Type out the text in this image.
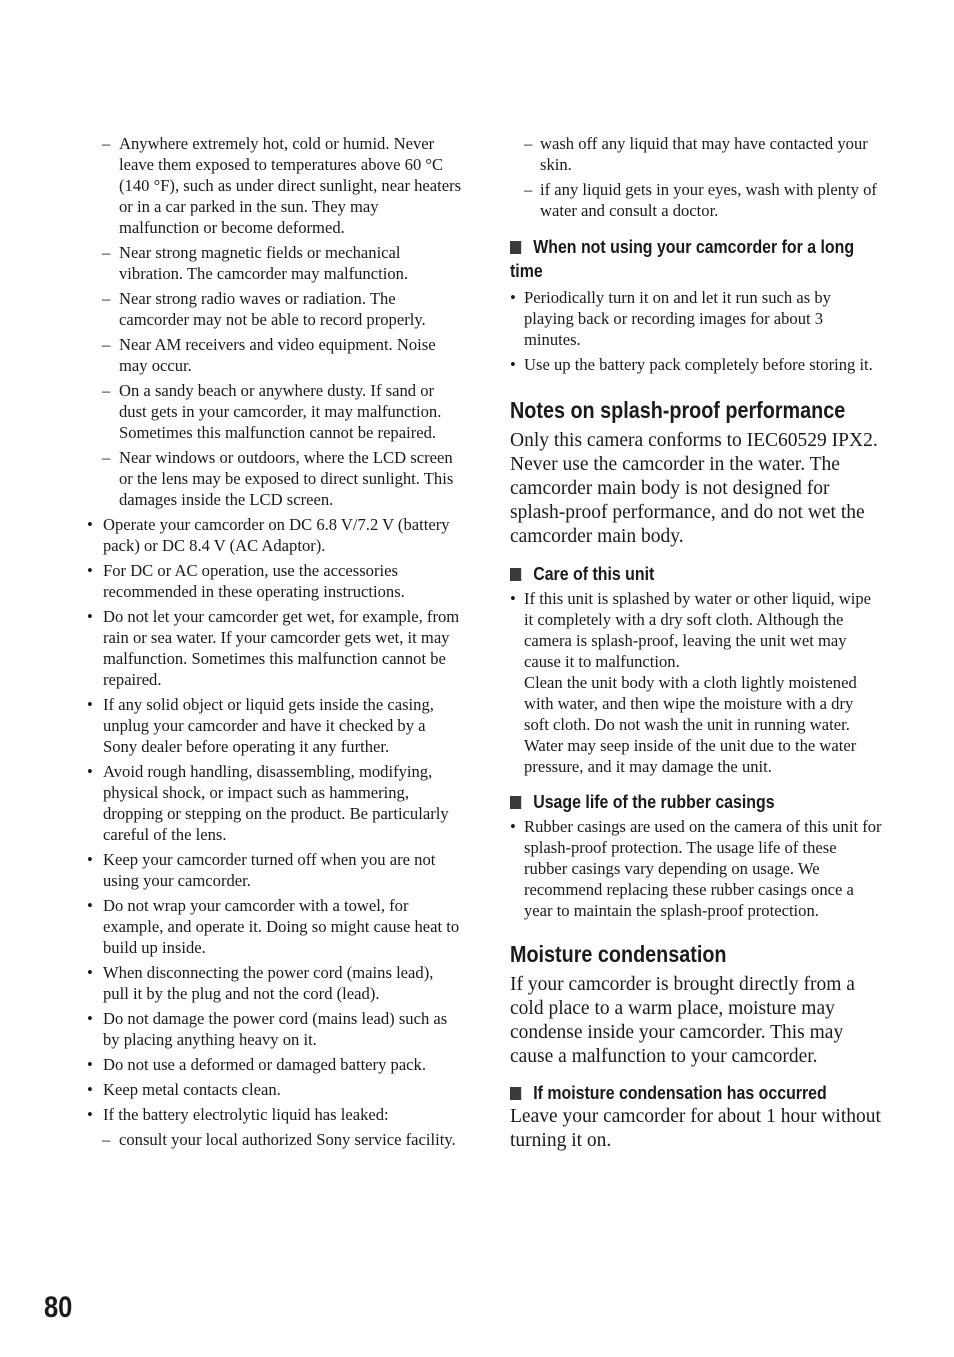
– Anywhere extremely hot, cold or humid. Never leave them exposed to temperatures above 60 °C (140 °F), such as under direct sunlight, near heaters or in a car parked in the sun. They may malfunction or become deformed.
– Near strong magnetic fields or mechanical vibration. The camcorder may malfunction.
– Near strong radio waves or radiation. The camcorder may not be able to record properly.
– Near AM receivers and video equipment. Noise may occur.
– On a sandy beach or anywhere dusty. If sand or dust gets in your camcorder, it may malfunction. Sometimes this malfunction cannot be repaired.
– Near windows or outdoors, where the LCD screen or the lens may be exposed to direct sunlight. This damages inside the LCD screen.
• Operate your camcorder on DC 6.8 V/7.2 V (battery pack) or DC 8.4 V (AC Adaptor).
• For DC or AC operation, use the accessories recommended in these operating instructions.
• Do not let your camcorder get wet, for example, from rain or sea water. If your camcorder gets wet, it may malfunction. Sometimes this malfunction cannot be repaired.
• If any solid object or liquid gets inside the casing, unplug your camcorder and have it checked by a Sony dealer before operating it any further.
• Avoid rough handling, disassembling, modifying, physical shock, or impact such as hammering, dropping or stepping on the product. Be particularly careful of the lens.
• Keep your camcorder turned off when you are not using your camcorder.
• Do not wrap your camcorder with a towel, for example, and operate it. Doing so might cause heat to build up inside.
• When disconnecting the power cord (mains lead), pull it by the plug and not the cord (lead).
• Do not damage the power cord (mains lead) such as by placing anything heavy on it.
• Do not use a deformed or damaged battery pack.
• Keep metal contacts clean.
• If the battery electrolytic liquid has leaked:
– consult your local authorized Sony service facility.
– wash off any liquid that may have contacted your skin.
– if any liquid gets in your eyes, wash with plenty of water and consult a doctor.
When not using your camcorder for a long time
• Periodically turn it on and let it run such as by playing back or recording images for about 3 minutes.
• Use up the battery pack completely before storing it.
Notes on splash-proof performance

Only this camera conforms to IEC60529 IPX2. Never use the camcorder in the water. The camcorder main body is not designed for splash-proof performance, and do not wet the camcorder main body.

Care of this unit
• If this unit is splashed by water or other liquid, wipe it completely with a dry soft cloth. Although the camera is splash-proof, leaving the unit wet may cause it to malfunction.
Clean the unit body with a cloth lightly moistened with water, and then wipe the moisture with a dry soft cloth. Do not wash the unit in running water. Water may seep inside of the unit due to the water pressure, and it may damage the unit.
Usage life of the rubber casings
• Rubber casings are used on the camera of this unit for splash-proof protection. The usage life of these rubber casings vary depending on usage. We recommend replacing these rubber casings once a year to maintain the splash-proof protection.
Moisture condensation

If your camcorder is brought directly from a cold place to a warm place, moisture may condense inside your camcorder. This may cause a malfunction to your camcorder.

If moisture condensation has occurred

Leave your camcorder for about 1 hour without turning it on.

80
